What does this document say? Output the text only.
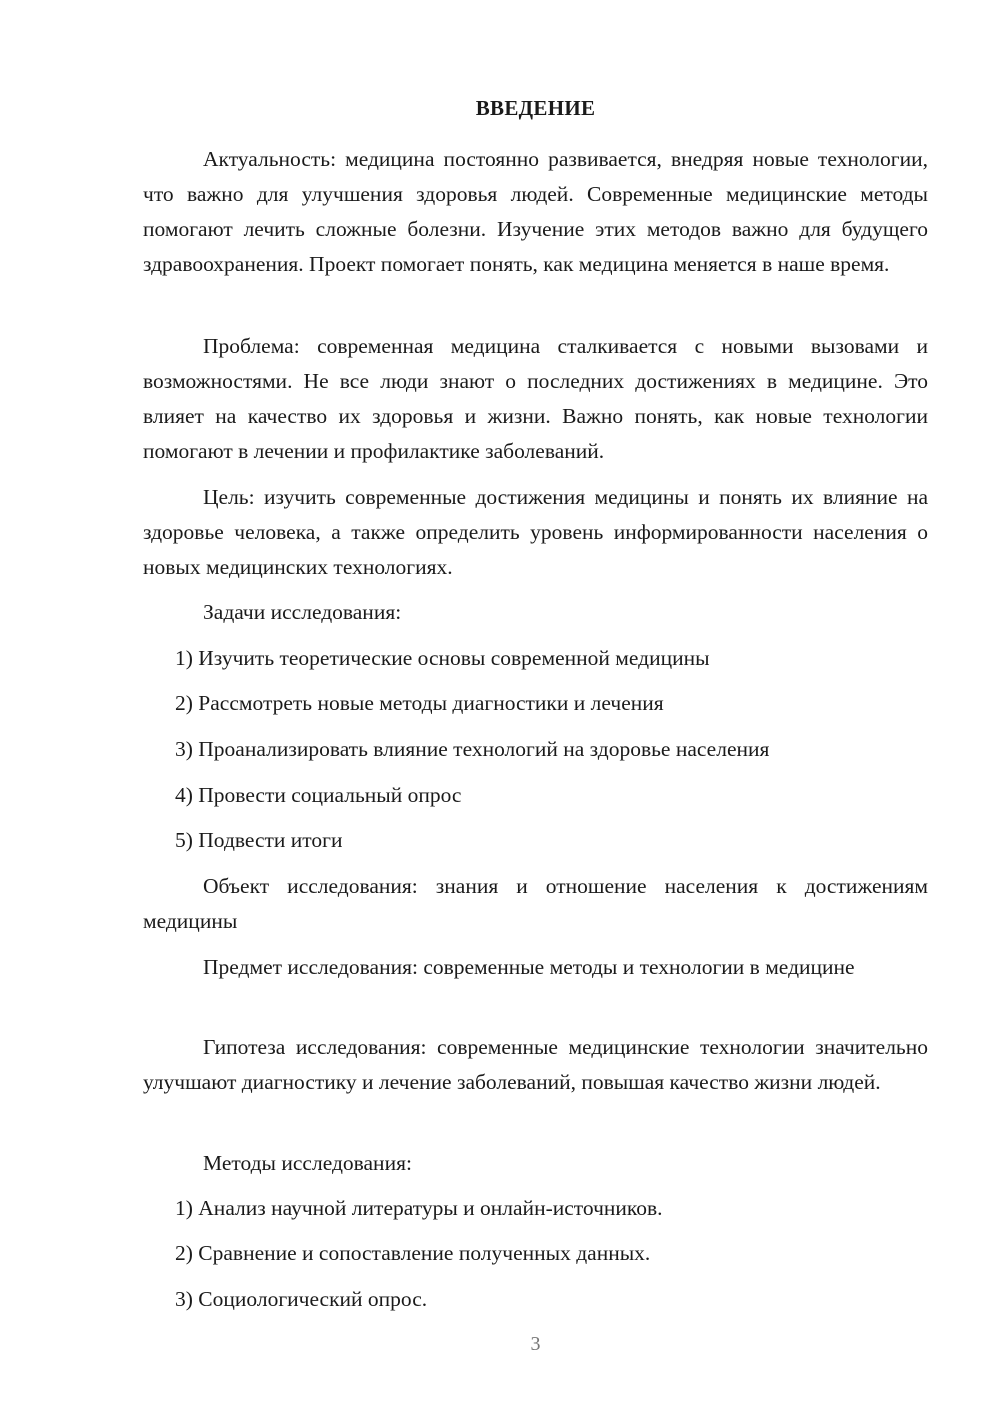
ВВЕДЕНИЕ

Актуальность: медицина постоянно развивается, внедряя новые технологии, что важно для улучшения здоровья людей. Современные медицинские методы помогают лечить сложные болезни. Изучение этих методов важно для будущего здравоохранения. Проект помогает понять, как медицина меняется в наше время.

Проблема: современная медицина сталкивается с новыми вызовами и возможностями. Не все люди знают о последних достижениях в медицине. Это влияет на качество их здоровья и жизни. Важно понять, как новые технологии помогают в лечении и профилактике заболеваний.

Цель: изучить современные достижения медицины и понять их влияние на здоровье человека, а также определить уровень информированности населения о новых медицинских технологиях.

Задачи исследования:

1) Изучить теоретические основы современной медицины

2) Рассмотреть новые методы диагностики и лечения

3) Проанализировать влияние технологий на здоровье населения

4) Провести социальный опрос

5) Подвести итоги

Объект исследования: знания и отношение населения к достижениям медицины

Предмет исследования: современные методы и технологии в медицине

Гипотеза исследования: современные медицинские технологии значительно улучшают диагностику и лечение заболеваний, повышая качество жизни людей.

Методы исследования:

1) Анализ научной литературы и онлайн-источников.

2) Сравнение и сопоставление полученных данных.

3) Социологический опрос.

3
